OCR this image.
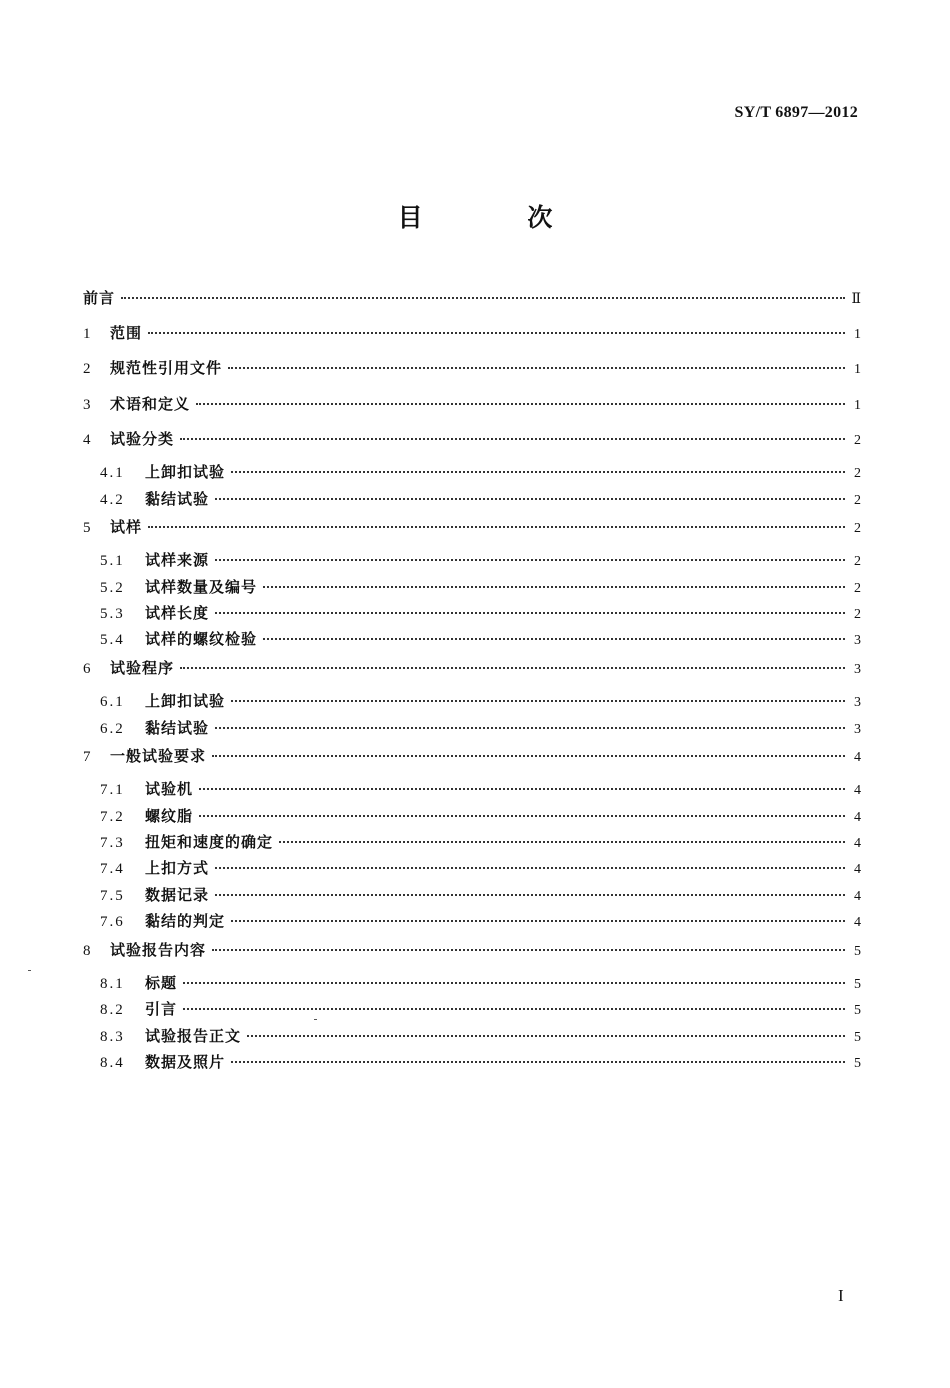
SY/T 6897—2012
目 次
前言	Ⅱ
1	范围	1
2	规范性引用文件	1
3	术语和定义	1
4	试验分类	2
4.1	上卸扣试验	2
4.2	黏结试验	2
5	试样	2
5.1	试样来源	2
5.2	试样数量及编号	2
5.3	试样长度	2
5.4	试样的螺纹检验	3
6	试验程序	3
6.1	上卸扣试验	3
6.2	黏结试验	3
7	一般试验要求	4
7.1	试验机	4
7.2	螺纹脂	4
7.3	扭矩和速度的确定	4
7.4	上扣方式	4
7.5	数据记录	4
7.6	黏结的判定	4
8	试验报告内容	5
8.1	标题	5
8.2	引言	5
8.3	试验报告正文	5
8.4	数据及照片	5
I
